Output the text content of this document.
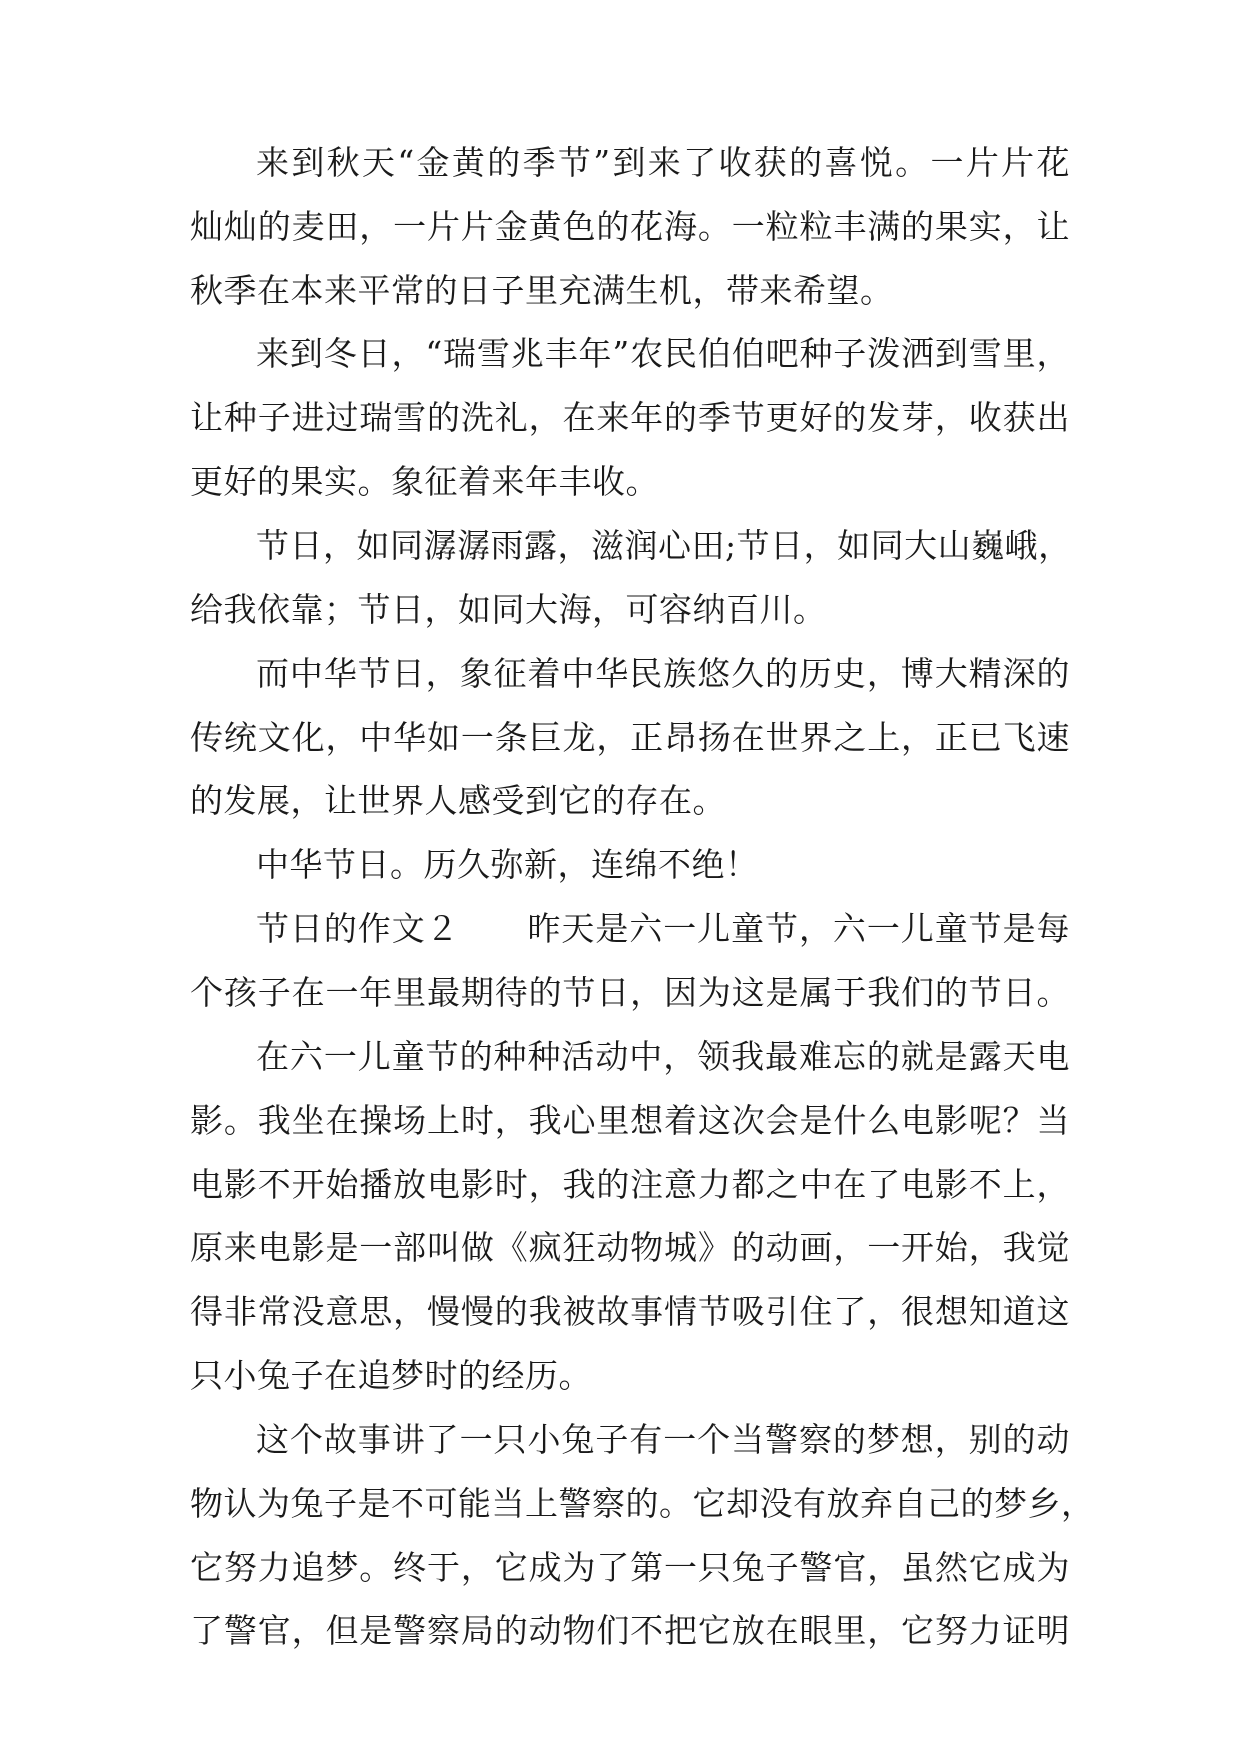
来到秋天“金黄的季节”到来了收获的喜悦。一片片花
灿灿的麦田，一片片金黄色的花海。一粒粒丰满的果实，让
秋季在本来平常的日子里充满生机，带来希望。
来到冬日，“瑞雪兆丰年”农民伯伯吧种子泼洒到雪里，
让种子进过瑞雪的洗礼，在来年的季节更好的发芽，收获出
更好的果实。象征着来年丰收。
节日，如同潺潺雨露，滋润心田;节日，如同大山巍峨，
给我依靠；节日，如同大海，可容纳百川。
而中华节日，象征着中华民族悠久的历史，博大精深的
传统文化，中华如一条巨龙，正昂扬在世界之上，正已飞速
的发展，让世界人感受到它的存在。
中华节日。历久弥新，连绵不绝！
节日的作文２　　昨天是六一儿童节，六一儿童节是每
个孩子在一年里最期待的节日，因为这是属于我们的节日。
在六一儿童节的种种活动中，领我最难忘的就是露天电
影。我坐在操场上时，我心里想着这次会是什么电影呢？当
电影不开始播放电影时，我的注意力都之中在了电影不上，
原来电影是一部叫做《疯狂动物城》的动画，一开始，我觉
得非常没意思，慢慢的我被故事情节吸引住了，很想知道这
只小兔子在追梦时的经历。
这个故事讲了一只小兔子有一个当警察的梦想，别的动
物认为兔子是不可能当上警察的。它却没有放弃自己的梦乡，
它努力追梦。终于，它成为了第一只兔子警官，虽然它成为
了警官，但是警察局的动物们不把它放在眼里，它努力证明
